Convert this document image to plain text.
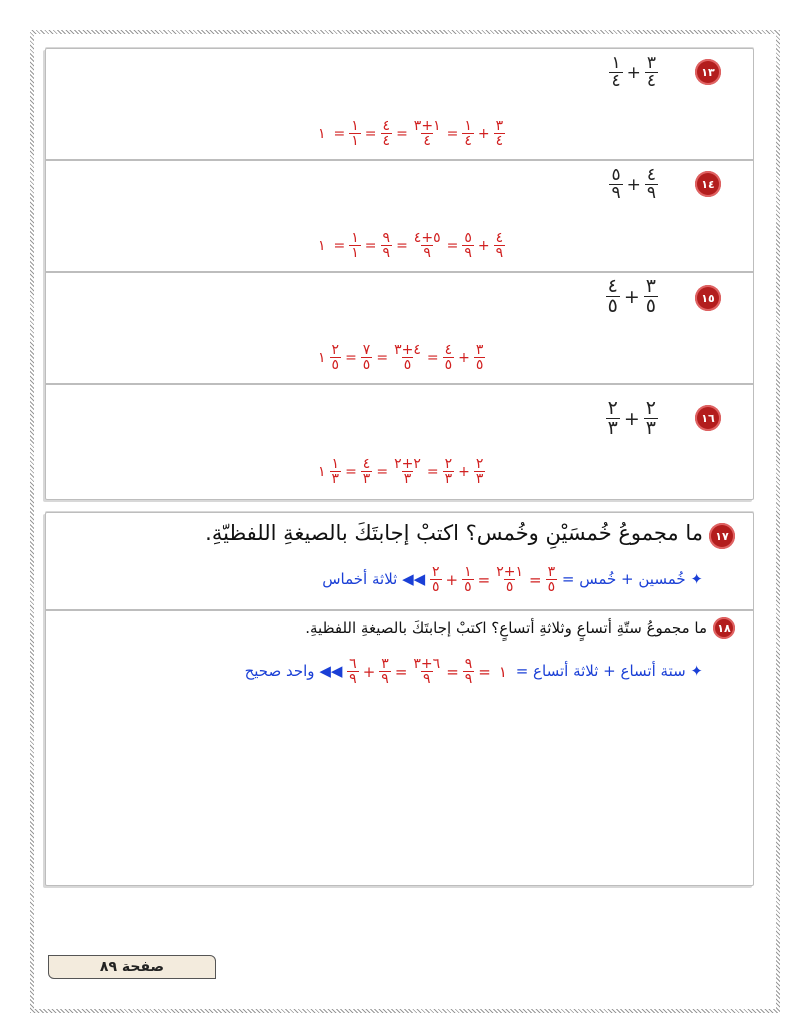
١٣
$\frac{١}{٤} + \frac{٣}{٤}$
١ = $\frac{١}{١} = \frac{٤}{٤} = \frac{١+٣}{٤} = \frac{١}{٤} + \frac{٣}{٤}$
١٤
$\frac{٥}{٩} + \frac{٤}{٩}$
١ = $\frac{١}{١} = \frac{٩}{٩} = \frac{٥+٤}{٩} = \frac{٥}{٩} + \frac{٤}{٩}$
١٥
$\frac{٤}{٥} + \frac{٣}{٥}$
١ $\frac{٢}{٥} = \frac{٧}{٥} = \frac{٤+٣}{٥} = \frac{٤}{٥} + \frac{٣}{٥}$
١٦
$\frac{٢}{٣} + \frac{٢}{٣}$
١ $\frac{١}{٣} = \frac{٤}{٣} = \frac{٢+٢}{٣} = \frac{٢}{٣} + \frac{٢}{٣}$
١٧
ما مجموعُ خُمسَيْنِ وخُمس؟ اكتبْ إجابتَكَ بالصيغةِ اللفظيّةِ.
✦ خُمسين + خُمس =
$\frac{٢}{٥} + \frac{١}{٥} = \frac{١+٢}{٥} = \frac{٣}{٥}$
◀◀ ثلاثة أخماس
١٨
ما مجموعُ ستّةِ أتساعٍ وثلاثةِ أتساعٍ؟ اكتبْ إجابتَكَ بالصيغةِ اللفظيةِ.
✦ ستة أتساع + ثلاثة أتساع =
$\frac{٦}{٩} + \frac{٣}{٩} = \frac{٦+٣}{٩} = \frac{٩}{٩}$ = ١ ◀◀ واحد صحيح
صفحة ٨٩
